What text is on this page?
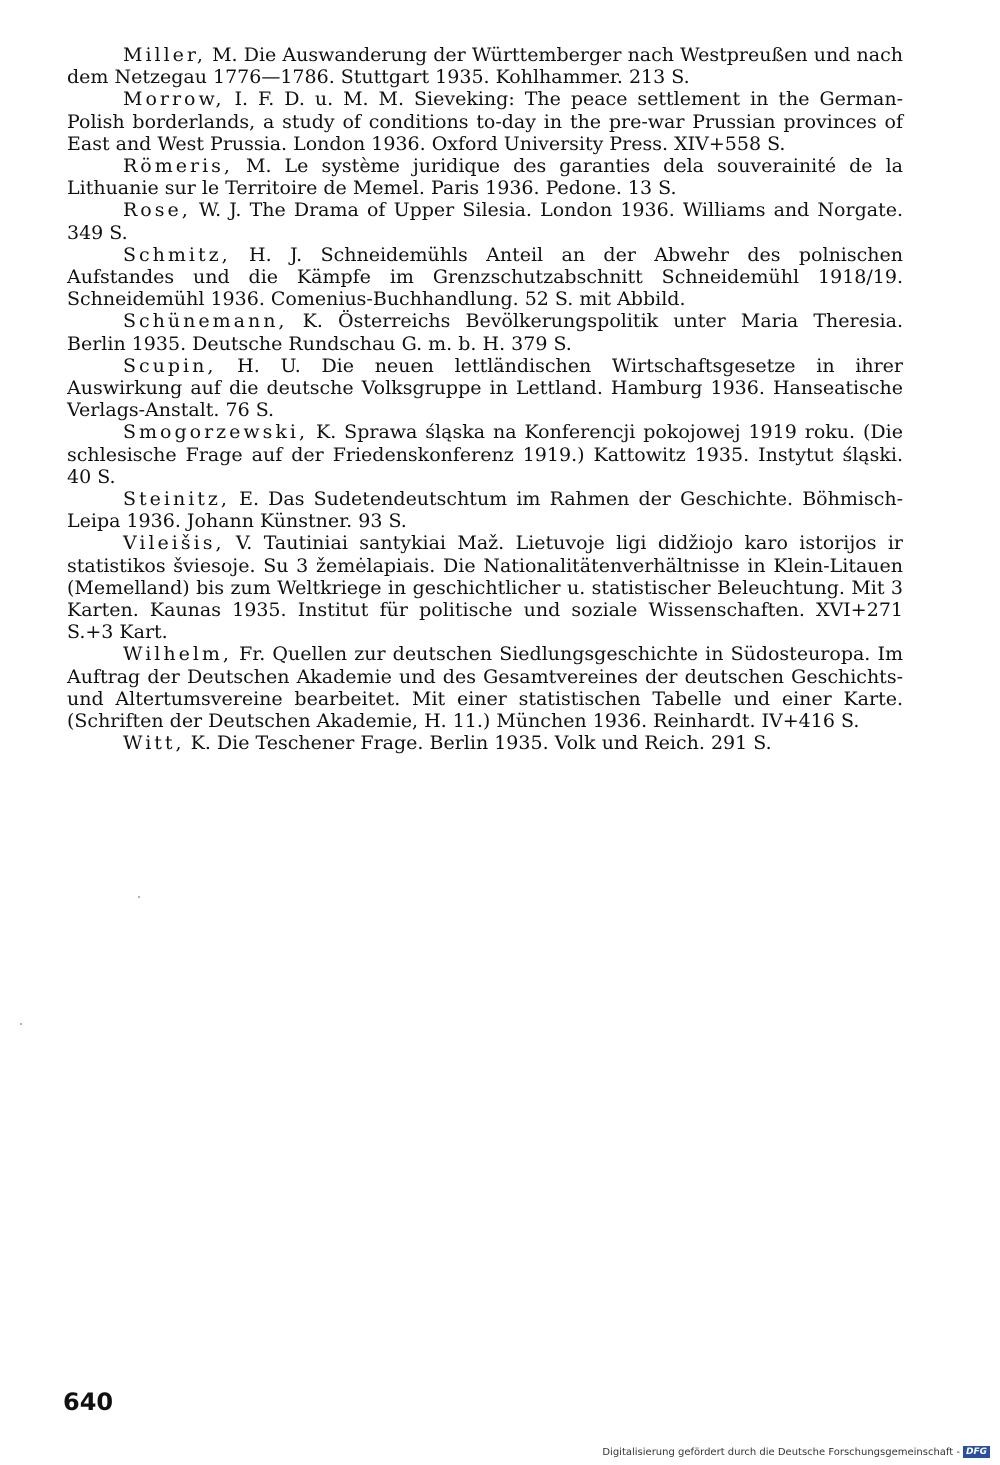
Miller, M. Die Auswanderung der Württemberger nach Westpreußen und nach dem Netzegau 1776—1786. Stuttgart 1935. Kohlhammer. 213 S.

Morrow, I. F. D. u. M. M. Sieveking: The peace settlement in the German-Polish borderlands, a study of conditions to-day in the pre-war Prussian provinces of East and West Prussia. London 1936. Oxford University Press. XIV+558 S.

Römeris, M. Le système juridique des garanties dela souverainité de la Lithuanie sur le Territoire de Memel. Paris 1936. Pedone. 13 S.

Rose, W. J. The Drama of Upper Silesia. London 1936. Williams and Norgate. 349 S.

Schmitz, H. J. Schneidemühls Anteil an der Abwehr des polnischen Aufstandes und die Kämpfe im Grenzschutzabschnitt Schneidemühl 1918/19. Schneidemühl 1936. Comenius-Buchhandlung. 52 S. mit Abbild.

Schünemann, K. Österreichs Bevölkerungspolitik unter Maria Theresia. Berlin 1935. Deutsche Rundschau G. m. b. H. 379 S.

Scupin, H. U. Die neuen lettländischen Wirtschaftsgesetze in ihrer Auswirkung auf die deutsche Volksgruppe in Lettland. Hamburg 1936. Hanseatische Verlags-Anstalt. 76 S.

Smogorzewski, K. Sprawa śląska na Konferencji pokojowej 1919 roku. (Die schlesische Frage auf der Friedenskonferenz 1919.) Kattowitz 1935. Instytut śląski. 40 S.

Steinitz, E. Das Sudetendeutschtum im Rahmen der Geschichte. Böhmisch-Leipa 1936. Johann Künstner. 93 S.

Vileišis, V. Tautiniai santykiai Maž. Lietuvoje ligi didžiojo karo istorijos ir statistikos šviesoje. Su 3 žemėlapiais. Die Nationalitätenverhältnisse in Klein-Litauen (Memelland) bis zum Weltkriege in geschichtlicher u. statistischer Beleuchtung. Mit 3 Karten. Kaunas 1935. Institut für politische und soziale Wissenschaften. XVI+271 S.+3 Kart.

Wilhelm, Fr. Quellen zur deutschen Siedlungsgeschichte in Südosteuropa. Im Auftrag der Deutschen Akademie und des Gesamtvereines der deutschen Geschichts- und Altertumsvereine bearbeitet. Mit einer statistischen Tabelle und einer Karte. (Schriften der Deutschen Akademie, H. 11.) München 1936. Reinhardt. IV+416 S.

Witt, K. Die Teschener Frage. Berlin 1935. Volk und Reich. 291 S.

640
Digitalisierung gefördert durch die Deutsche Forschungsgemeinschaft - DFG
